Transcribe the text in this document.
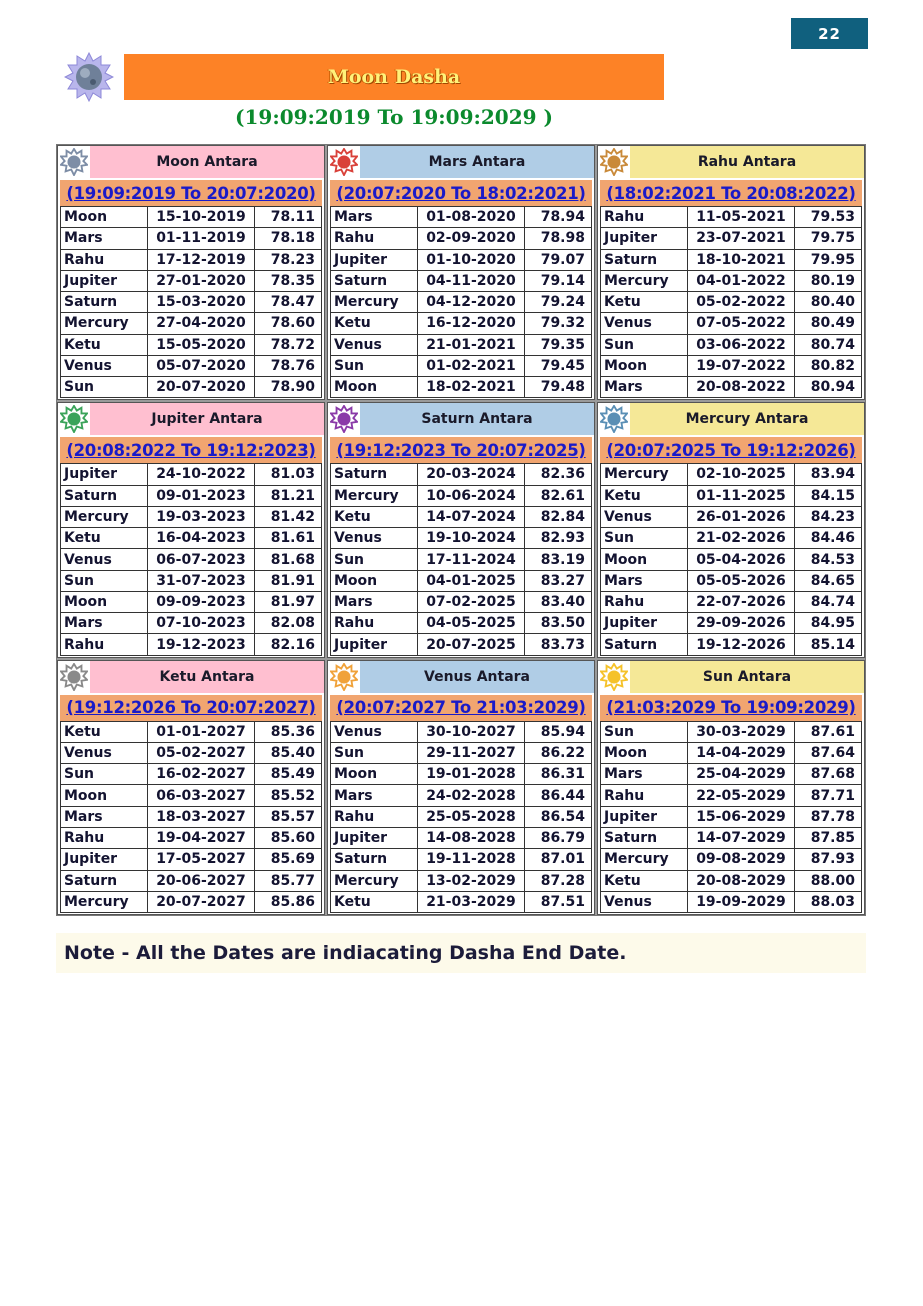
22
Moon Dasha
(19:09:2019 To 19:09:2029 )
Moon Antara
(19:09:2019 To 20:07:2020)
Moon	15-10-2019	78.11
Mars	01-11-2019	78.18
Rahu	17-12-2019	78.23
Jupiter	27-01-2020	78.35
Saturn	15-03-2020	78.47
Mercury	27-04-2020	78.60
Ketu	15-05-2020	78.72
Venus	05-07-2020	78.76
Sun	20-07-2020	78.90
Mars Antara
(20:07:2020 To 18:02:2021)
Mars	01-08-2020	78.94
Rahu	02-09-2020	78.98
Jupiter	01-10-2020	79.07
Saturn	04-11-2020	79.14
Mercury	04-12-2020	79.24
Ketu	16-12-2020	79.32
Venus	21-01-2021	79.35
Sun	01-02-2021	79.45
Moon	18-02-2021	79.48
Rahu Antara
(18:02:2021 To 20:08:2022)
Rahu	11-05-2021	79.53
Jupiter	23-07-2021	79.75
Saturn	18-10-2021	79.95
Mercury	04-01-2022	80.19
Ketu	05-02-2022	80.40
Venus	07-05-2022	80.49
Sun	03-06-2022	80.74
Moon	19-07-2022	80.82
Mars	20-08-2022	80.94
Jupiter Antara
(20:08:2022 To 19:12:2023)
Jupiter	24-10-2022	81.03
Saturn	09-01-2023	81.21
Mercury	19-03-2023	81.42
Ketu	16-04-2023	81.61
Venus	06-07-2023	81.68
Sun	31-07-2023	81.91
Moon	09-09-2023	81.97
Mars	07-10-2023	82.08
Rahu	19-12-2023	82.16
Saturn Antara
(19:12:2023 To 20:07:2025)
Saturn	20-03-2024	82.36
Mercury	10-06-2024	82.61
Ketu	14-07-2024	82.84
Venus	19-10-2024	82.93
Sun	17-11-2024	83.19
Moon	04-01-2025	83.27
Mars	07-02-2025	83.40
Rahu	04-05-2025	83.50
Jupiter	20-07-2025	83.73
Mercury Antara
(20:07:2025 To 19:12:2026)
Mercury	02-10-2025	83.94
Ketu	01-11-2025	84.15
Venus	26-01-2026	84.23
Sun	21-02-2026	84.46
Moon	05-04-2026	84.53
Mars	05-05-2026	84.65
Rahu	22-07-2026	84.74
Jupiter	29-09-2026	84.95
Saturn	19-12-2026	85.14
Ketu Antara
(19:12:2026 To 20:07:2027)
Ketu	01-01-2027	85.36
Venus	05-02-2027	85.40
Sun	16-02-2027	85.49
Moon	06-03-2027	85.52
Mars	18-03-2027	85.57
Rahu	19-04-2027	85.60
Jupiter	17-05-2027	85.69
Saturn	20-06-2027	85.77
Mercury	20-07-2027	85.86
Venus Antara
(20:07:2027 To 21:03:2029)
Venus	30-10-2027	85.94
Sun	29-11-2027	86.22
Moon	19-01-2028	86.31
Mars	24-02-2028	86.44
Rahu	25-05-2028	86.54
Jupiter	14-08-2028	86.79
Saturn	19-11-2028	87.01
Mercury	13-02-2029	87.28
Ketu	21-03-2029	87.51
Sun Antara
(21:03:2029 To 19:09:2029)
Sun	30-03-2029	87.61
Moon	14-04-2029	87.64
Mars	25-04-2029	87.68
Rahu	22-05-2029	87.71
Jupiter	15-06-2029	87.78
Saturn	14-07-2029	87.85
Mercury	09-08-2029	87.93
Ketu	20-08-2029	88.00
Venus	19-09-2029	88.03
Note - All the Dates are indiacating Dasha End Date.
